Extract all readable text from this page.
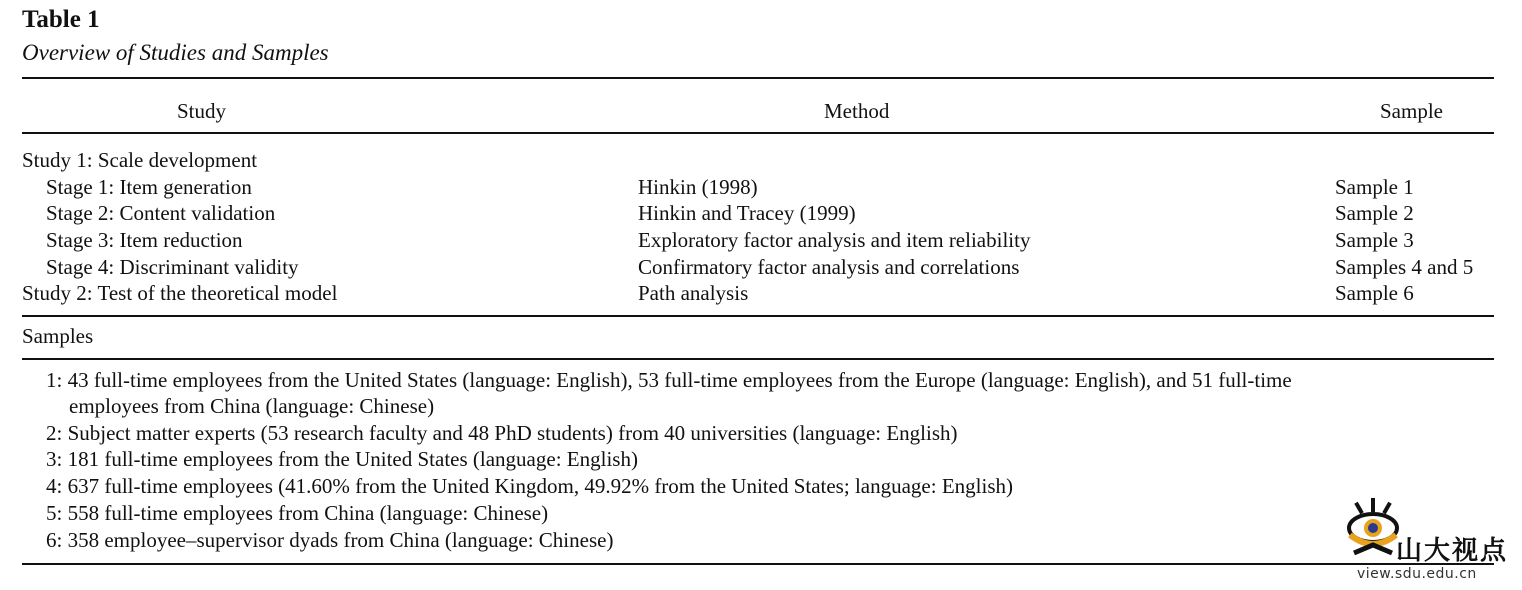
Table 1
Overview of Studies and Samples
Study	Method	Sample
Study 1: Scale development
Stage 1: Item generation	Hinkin (1998)	Sample 1
Stage 2: Content validation	Hinkin and Tracey (1999)	Sample 2
Stage 3: Item reduction	Exploratory factor analysis and item reliability	Sample 3
Stage 4: Discriminant validity	Confirmatory factor analysis and correlations	Samples 4 and 5
Study 2: Test of the theoretical model	Path analysis	Sample 6
Samples
1: 43 full-time employees from the United States (language: English), 53 full-time employees from the Europe (language: English), and 51 full-time
employees from China (language: Chinese)
2: Subject matter experts (53 research faculty and 48 PhD students) from 40 universities (language: English)
3: 181 full-time employees from the United States (language: English)
4: 637 full-time employees (41.60% from the United Kingdom, 49.92% from the United States; language: English)
5: 558 full-time employees from China (language: Chinese)
6: 358 employee–supervisor dyads from China (language: Chinese)	山大视点
view.sdu.edu.cn
